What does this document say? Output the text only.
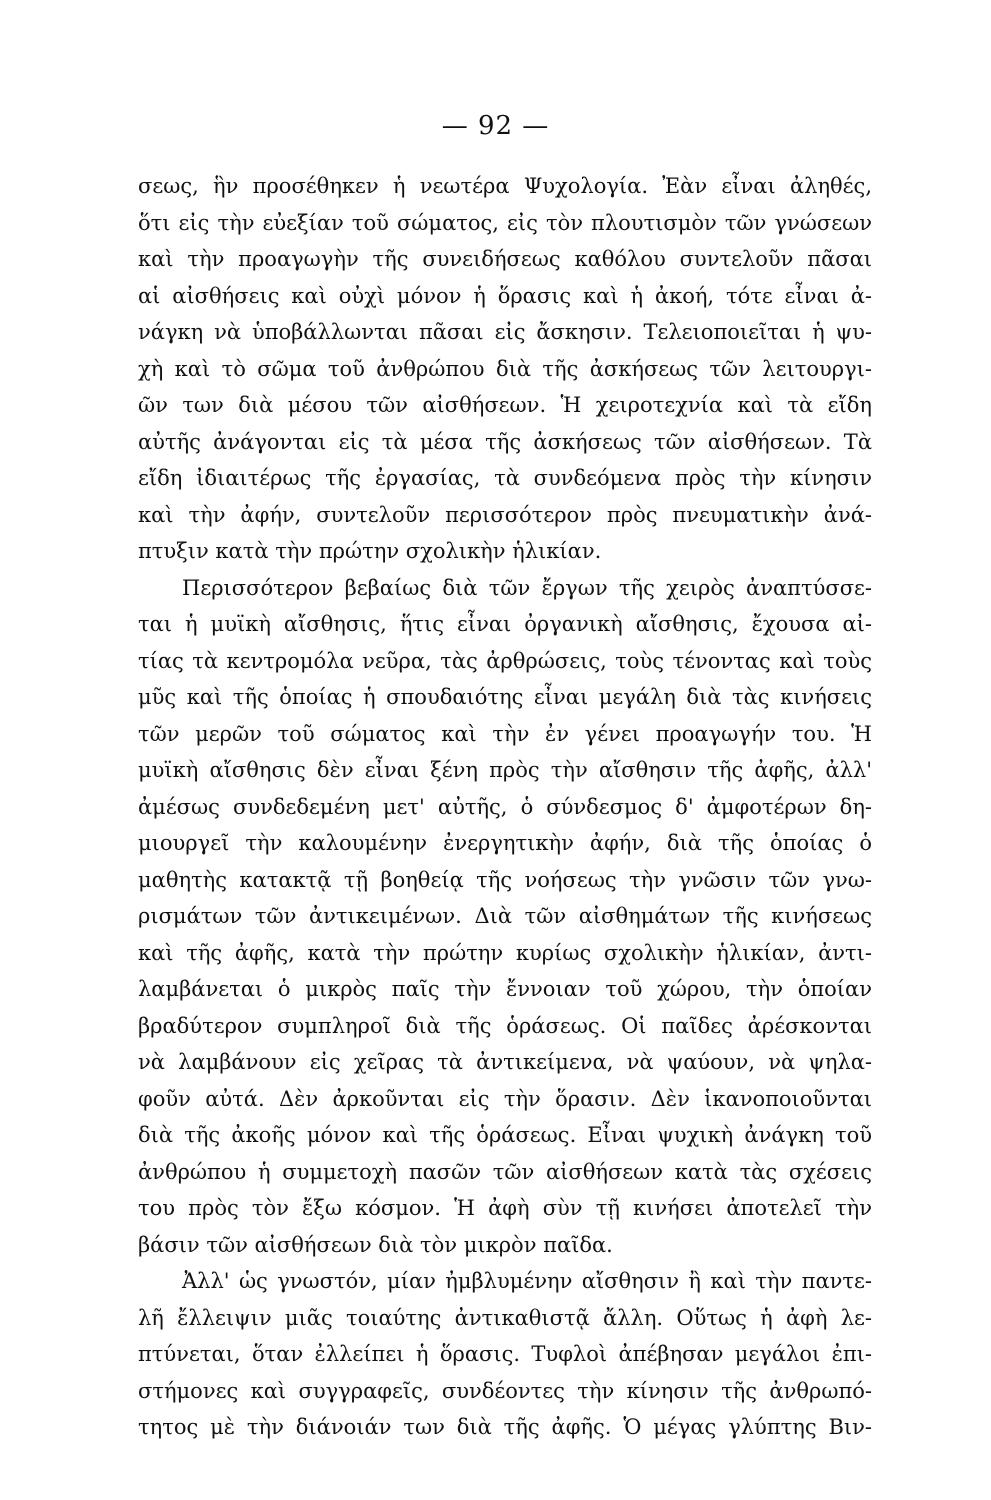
— 92 —
σεως, ἣν προσέθηκεν ἡ νεωτέρα Ψυχολογία. Ἐὰν εἶναι ἀληθές,
ὅτι εἰς τὴν εὐεξίαν τοῦ σώματος, εἰς τὸν πλουτισμὸν τῶν γνώσεων
καὶ τὴν προαγωγὴν τῆς συνειδήσεως καθόλου συντελοῦν πᾶσαι
αἱ αἰσθήσεις καὶ οὐχὶ μόνον ἡ ὅρασις καὶ ἡ ἀκοή, τότε εἶναι ἀ-
νάγκη νὰ ὑποβάλλωνται πᾶσαι εἰς ἄσκησιν. Τελειοποιεῖται ἡ ψυ-
χὴ καὶ τὸ σῶμα τοῦ ἀνθρώπου διὰ τῆς ἀσκήσεως τῶν λειτουργι-
ῶν των διὰ μέσου τῶν αἰσθήσεων. Ἡ χειροτεχνία καὶ τὰ εἴδη
αὐτῆς ἀνάγονται εἰς τὰ μέσα τῆς ἀσκήσεως τῶν αἰσθήσεων. Τὰ
εἴδη ἰδιαιτέρως τῆς ἐργασίας, τὰ συνδεόμενα πρὸς τὴν κίνησιν
καὶ τὴν ἀφήν, συντελοῦν περισσότερον πρὸς πνευματικὴν ἀνά-
πτυξιν κατὰ τὴν πρώτην σχολικὴν ἡλικίαν.
Περισσότερον βεβαίως διὰ τῶν ἔργων τῆς χειρὸς ἀναπτύσσε-
ται ἡ μυϊκὴ αἴσθησις, ἥτις εἶναι ὀργανικὴ αἴσθησις, ἔχουσα αἰ-
τίας τὰ κεντρομόλα νεῦρα, τὰς ἀρθρώσεις, τοὺς τένοντας καὶ τοὺς
μῦς καὶ τῆς ὁποίας ἡ σπουδαιότης εἶναι μεγάλη διὰ τὰς κινήσεις
τῶν μερῶν τοῦ σώματος καὶ τὴν ἐν γένει προαγωγήν του. Ἡ
μυϊκὴ αἴσθησις δὲν εἶναι ξένη πρὸς τὴν αἴσθησιν τῆς ἀφῆς, ἀλλ'
ἀμέσως συνδεδεμένη μετ' αὐτῆς, ὁ σύνδεσμος δ' ἀμφοτέρων δη-
μιουργεῖ τὴν καλουμένην ἐνεργητικὴν ἀφήν, διὰ τῆς ὁποίας ὁ
μαθητὴς κατακτᾷ τῇ βοηθείᾳ τῆς νοήσεως τὴν γνῶσιν τῶν γνω-
ρισμάτων τῶν ἀντικειμένων. Διὰ τῶν αἰσθημάτων τῆς κινήσεως
καὶ τῆς ἀφῆς, κατὰ τὴν πρώτην κυρίως σχολικὴν ἡλικίαν, ἀντι-
λαμβάνεται ὁ μικρὸς παῖς τὴν ἔννοιαν τοῦ χώρου, τὴν ὁποίαν
βραδύτερον συμπληροῖ διὰ τῆς ὁράσεως. Οἱ παῖδες ἀρέσκονται
νὰ λαμβάνουν εἰς χεῖρας τὰ ἀντικείμενα, νὰ ψαύουν, νὰ ψηλα-
φοῦν αὐτά. Δὲν ἀρκοῦνται εἰς τὴν ὅρασιν. Δὲν ἱκανοποιοῦνται
διὰ τῆς ἀκοῆς μόνον καὶ τῆς ὁράσεως. Εἶναι ψυχικὴ ἀνάγκη τοῦ
ἀνθρώπου ἡ συμμετοχὴ πασῶν τῶν αἰσθήσεων κατὰ τὰς σχέσεις
του πρὸς τὸν ἔξω κόσμον. Ἡ ἀφὴ σὺν τῇ κινήσει ἀποτελεῖ τὴν
βάσιν τῶν αἰσθήσεων διὰ τὸν μικρὸν παῖδα.
Ἀλλ' ὡς γνωστόν, μίαν ἠμβλυμένην αἴσθησιν ἢ καὶ τὴν παντε-
λῆ ἔλλειψιν μιᾶς τοιαύτης ἀντικαθιστᾷ ἄλλη. Οὕτως ἡ ἀφὴ λε-
πτύνεται, ὅταν ἐλλείπει ἡ ὅρασις. Τυφλοὶ ἀπέβησαν μεγάλοι ἐπι-
στήμονες καὶ συγγραφεῖς, συνδέοντες τὴν κίνησιν τῆς ἀνθρωπό-
τητος μὲ τὴν διάνοιάν των διὰ τῆς ἀφῆς. Ὁ μέγας γλύπτης Βιν-
